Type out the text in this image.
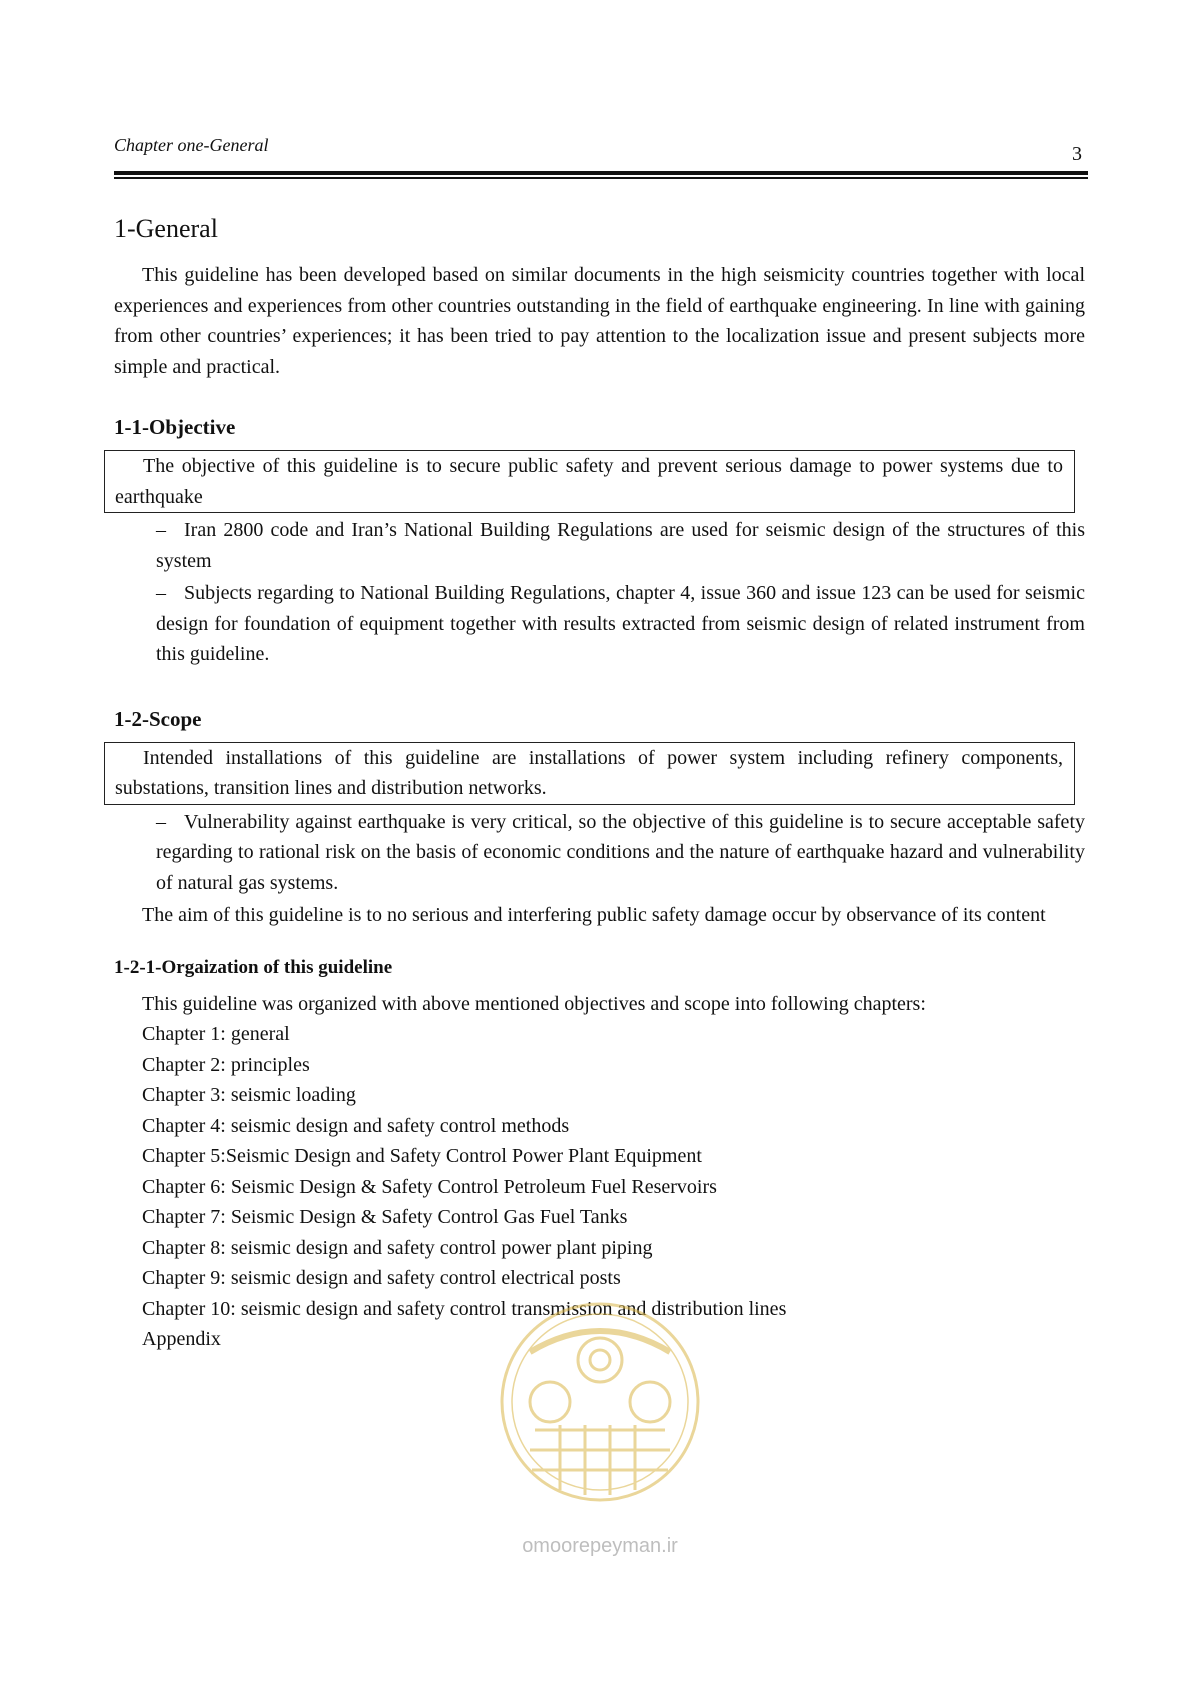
Chapter one-General	3
1-General

This guideline has been developed based on similar documents in the high seismicity countries together with local experiences and experiences from other countries outstanding in the field of earthquake engineering. In line with gaining from other countries’ experiences; it has been tried to pay attention to the localization issue and present subjects more simple and practical.

1-1-Objective

The objective of this guideline is to secure public safety and prevent serious damage to power systems due to earthquake

– Iran 2800 code and Iran’s National Building Regulations are used for seismic design of the structures of this system
– Subjects regarding to National Building Regulations, chapter 4, issue 360 and issue 123 can be used for seismic design for foundation of equipment together with results extracted from seismic design of related instrument from this guideline.
1-2-Scope

Intended installations of this guideline are installations of power system including refinery components, substations, transition lines and distribution networks.

– Vulnerability against earthquake is very critical, so the objective of this guideline is to secure acceptable safety regarding to rational risk on the basis of economic conditions and the nature of earthquake hazard and vulnerability of natural gas systems.

The aim of this guideline is to no serious and interfering public safety damage occur by observance of its content

1-2-1-Orgaization of this guideline

This guideline was organized with above mentioned objectives and scope into following chapters:

Chapter 1: general
Chapter 2: principles
Chapter 3: seismic loading
Chapter 4: seismic design and safety control methods
Chapter 5:Seismic Design and Safety Control Power Plant Equipment
Chapter 6: Seismic Design & Safety Control Petroleum Fuel Reservoirs
Chapter 7: Seismic Design & Safety Control Gas Fuel Tanks
Chapter 8: seismic design and safety control power plant piping
Chapter 9: seismic design and safety control electrical posts
Chapter 10: seismic design and safety control transmission and distribution lines
Appendix
omoorepeyman.ir
